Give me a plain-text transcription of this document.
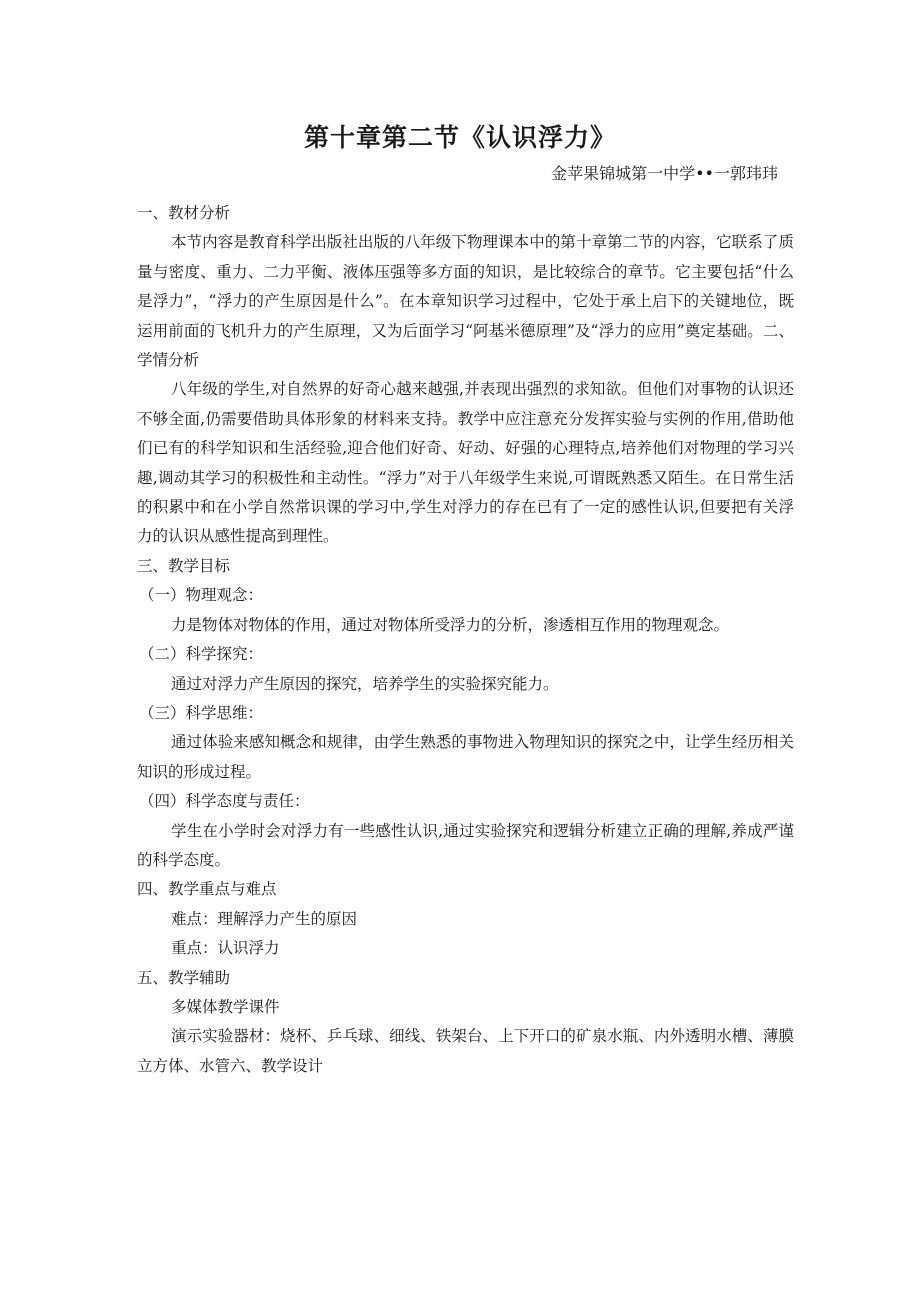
第十章第二节《认识浮力》

金苹果锦城第一中学••一郭玮玮

一、教材分析

本节内容是教育科学出版社出版的八年级下物理课本中的第十章第二节的内容，它联系了质量与密度、重力、二力平衡、液体压强等多方面的知识，是比较综合的章节。它主要包括“什么是浮力”，“浮力的产生原因是什么”。在本章知识学习过程中，它处于承上启下的关键地位，既运用前面的飞机升力的产生原理，又为后面学习“阿基米德原理”及“浮力的应用”奠定基础。二、学情分析

八年级的学生,对自然界的好奇心越来越强,并表现出强烈的求知欲。但他们对事物的认识还不够全面,仍需要借助具体形象的材料来支持。教学中应注意充分发挥实验与实例的作用,借助他们已有的科学知识和生活经验,迎合他们好奇、好动、好强的心理特点,培养他们对物理的学习兴趣,调动其学习的积极性和主动性。“浮力”对于八年级学生来说,可谓既熟悉又陌生。在日常生活的积累中和在小学自然常识课的学习中,学生对浮力的存在已有了一定的感性认识,但要把有关浮力的认识从感性提高到理性。

三、教学目标

（一）物理观念：

力是物体对物体的作用，通过对物体所受浮力的分析，渗透相互作用的物理观念。

（二）科学探究：

通过对浮力产生原因的探究，培养学生的实验探究能力。

（三）科学思维：

通过体验来感知概念和规律，由学生熟悉的事物进入物理知识的探究之中，让学生经历相关知识的形成过程。

（四）科学态度与责任：

学生在小学时会对浮力有一些感性认识,通过实验探究和逻辑分析建立正确的理解,养成严谨的科学态度。

四、教学重点与难点

难点：理解浮力产生的原因

重点：认识浮力

五、教学辅助

多媒体教学课件

演示实验器材：烧杯、乒乓球、细线、铁架台、上下开口的矿泉水瓶、内外透明水槽、薄膜立方体、水管六、教学设计
